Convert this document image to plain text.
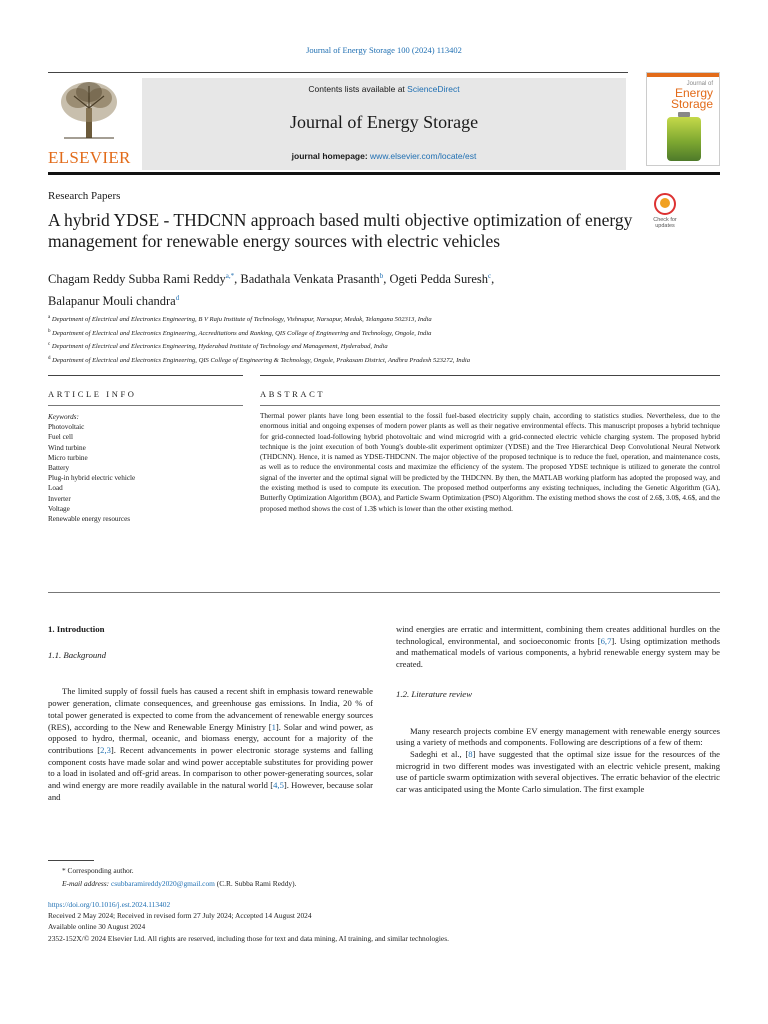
Journal of Energy Storage 100 (2024) 113402
ELSEVIER
Contents lists available at ScienceDirect
Journal of Energy Storage
journal homepage: www.elsevier.com/locate/est
Journal of
Energy
Storage
Research Papers
A hybrid YDSE - THDCNN approach based multi objective optimization of energy management for renewable energy sources with electric vehicles
Check for updates
Chagam Reddy Subba Rami Reddy$^{a,*}$, Badathala Venkata Prasanth$^b$, Ogeti Pedda Suresh$^c$,
Balapanur Mouli chandra$^d$
$^a$ Department of Electrical and Electronics Engineering, B V Raju Institute of Technology, Vishnupur, Narsapur, Medak, Telangana 502313, India
$^b$ Department of Electrical and Electronics Engineering, Accreditations and Ranking, QIS College of Engineering and Technology, Ongole, India
$^c$ Department of Electrical and Electronics Engineering, Hyderabad Institute of Technology and Management, Hyderabad, India
$^d$ Department of Electrical and Electronics Engineering, QIS College of Engineering & Technology, Ongole, Prakasam District, Andhra Pradesh 523272, India
ARTICLE INFO	ABSTRACT
Keywords:
Photovoltaic
Fuel cell
Wind turbine
Micro turbine
Battery
Plug-in hybrid electric vehicle
Load
Inverter
Voltage
Renewable energy resources
Thermal power plants have long been essential to the fossil fuel-based electricity supply chain, according to statistics studies. Nevertheless, due to the enormous initial and ongoing expenses of modern power plants as well as their negative environmental effects. This manuscript proposes a hybrid technique for grid-connected load-following hybrid photovoltaic and wind microgrid with a grid-connected electric vehicle charging system. The proposed hybrid technique is the joint execution of both Young's double-slit experiment optimizer (YDSE) and the Tree Hierarchical Deep Convolutional Neural Network (THDCNN). Hence, it is named as YDSE-THDCNN. The major objective of the proposed technique is to reduce the fuel, operation, and maintenance costs, as well as to reduce the environmental costs and maximize the efficiency of the system. The proposed YDSE technique is utilized to generate the control signal of the inverter and the optimal signal will be predicted by the THDCNN. By then, the MATLAB working platform has adopted the proposed way, and the existing method is used to compute its execution. The proposed method outperforms any existing techniques, including the Genetic Algorithm (GA), Butterfly Optimization Algorithm (BOA), and Particle Swarm Optimization (PSO) Algorithm. The existing method shows the cost of 2.6$, 3.0$, 4.6$, and the proposed method shows the cost of 1.3$ which is lower than the other existing method.
1. Introduction
1.1. Background
The limited supply of fossil fuels has caused a recent shift in emphasis toward renewable power generation, climate consequences, and greenhouse gas emissions. In India, 20 % of total power generated is expected to come from the advancement of renewable energy sources (RES), according to the New and Renewable Energy Ministry [1]. Solar and wind power, as opposed to hydro, thermal, oceanic, and biomass energy, account for a majority of the contributions [2,3]. Recent advancements in power electronic storage systems and falling component costs have made solar and wind power acceptable substitutes for providing power to a load in isolated and off-grid areas. In comparison to other power-generating sources, solar and wind energy are more readily available in the natural world [4,5]. However, because solar and
wind energies are erratic and intermittent, combining them creates additional hurdles on the technological, environmental, and socioeconomic fronts [6,7]. Using optimization methods and mathematical models of various components, a hybrid renewable energy system may be created.
1.2. Literature review
Many research projects combine EV energy management with renewable energy sources using a variety of methods and components. Following are descriptions of a few of them:
Sadeghi et al., [8] have suggested that the optimal size issue for the resources of the microgrid in two different modes was investigated with an electric vehicle present, making use of particle swarm optimization with several objectives. The erratic behavior of the electric car was anticipated using the Monte Carlo simulation. The first example
* Corresponding author.
E-mail address: csubbaramireddy2020@gmail.com (C.R. Subba Rami Reddy).
https://doi.org/10.1016/j.est.2024.113402
Received 2 May 2024; Received in revised form 27 July 2024; Accepted 14 August 2024
Available online 30 August 2024
2352-152X/© 2024 Elsevier Ltd. All rights are reserved, including those for text and data mining, AI training, and similar technologies.
